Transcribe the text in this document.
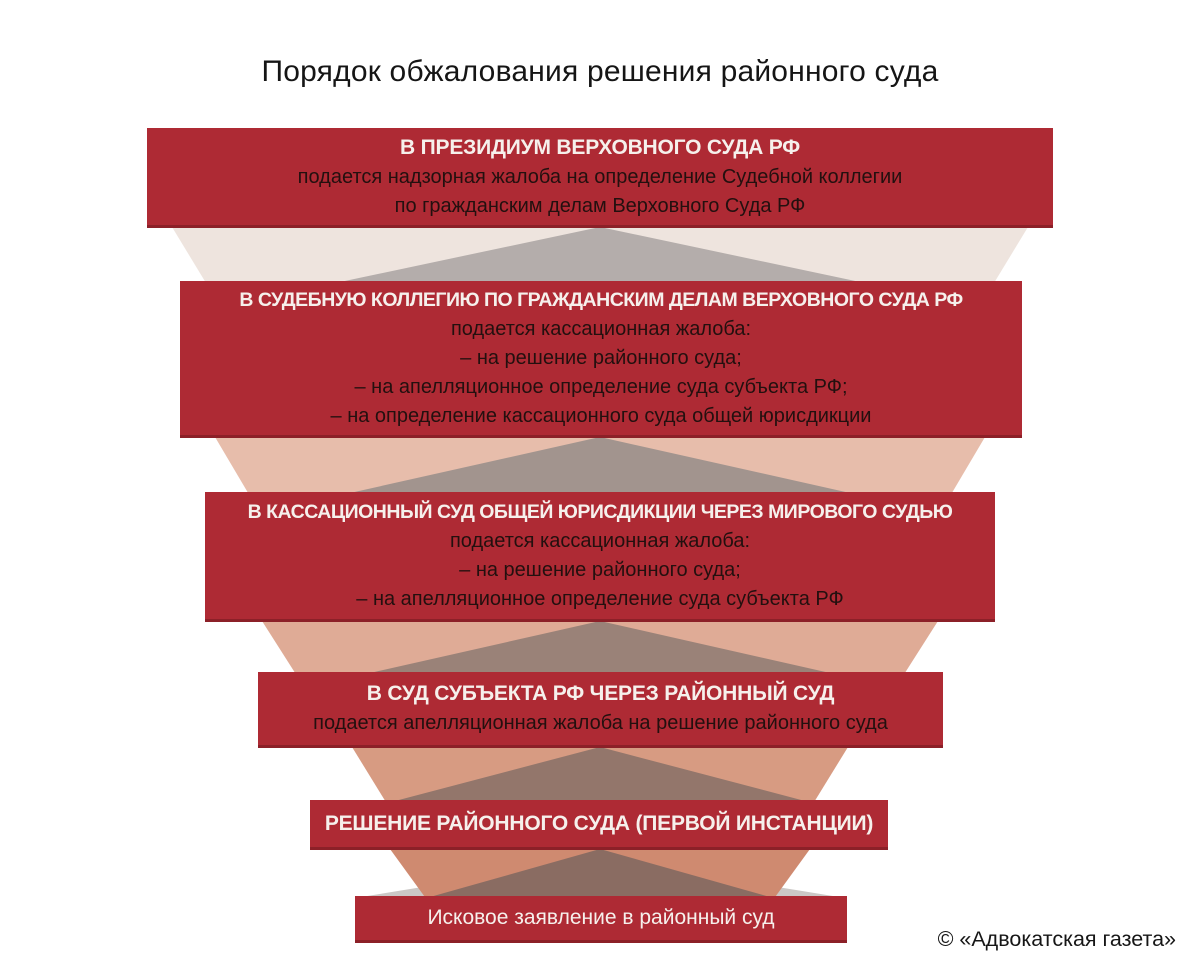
Порядок обжалования решения районного суда
В ПРЕЗИДИУМ ВЕРХОВНОГО СУДА РФ
подается надзорная жалоба на определение Судебной коллегии
по гражданским делам Верховного Суда РФ
В СУДЕБНУЮ КОЛЛЕГИЮ ПО ГРАЖДАНСКИМ ДЕЛАМ ВЕРХОВНОГО СУДА РФ
подается кассационная жалоба:
– на решение районного суда;
– на апелляционное определение суда субъекта РФ;
– на определение кассационного суда общей юрисдикции
В КАССАЦИОННЫЙ СУД ОБЩЕЙ ЮРИСДИКЦИИ ЧЕРЕЗ МИРОВОГО СУДЬЮ
подается кассационная жалоба:
– на решение районного суда;
– на апелляционное определение суда субъекта РФ
В СУД СУБЪЕКТА РФ ЧЕРЕЗ РАЙОННЫЙ СУД
подается апелляционная жалоба на решение районного суда
РЕШЕНИЕ РАЙОННОГО СУДА (ПЕРВОЙ ИНСТАНЦИИ)
Исковое заявление в районный суд
© «Адвокатская газета»
